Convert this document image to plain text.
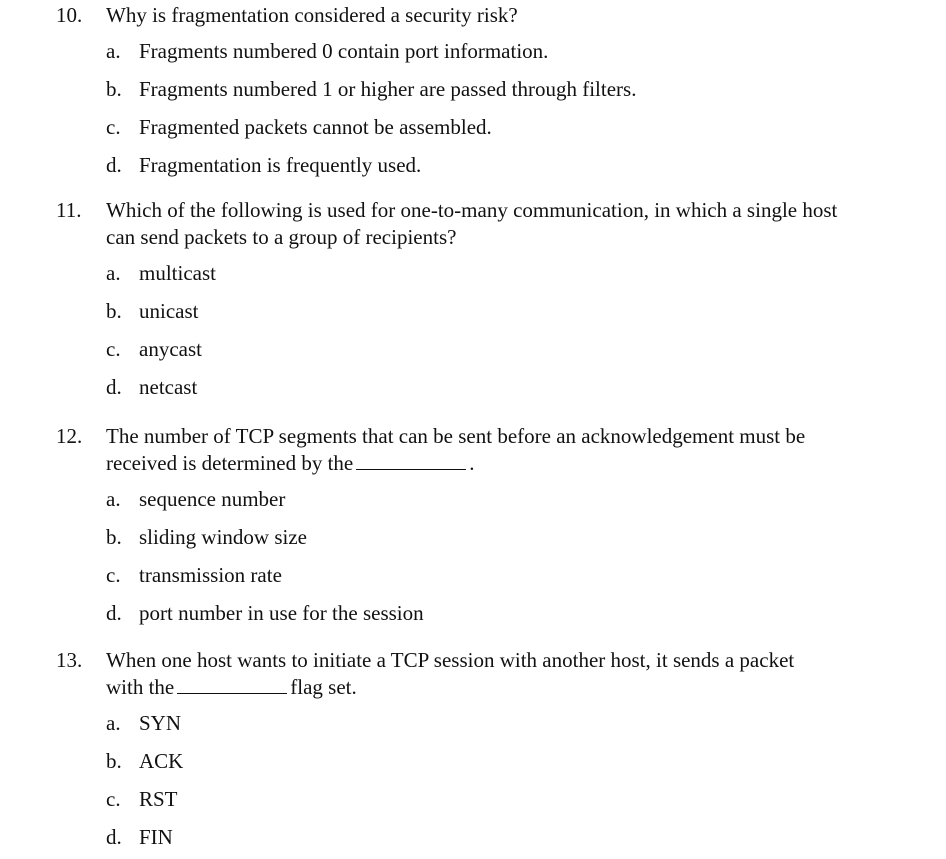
10.	Why is fragmentation considered a security risk?
a. Fragments numbered 0 contain port information.
b. Fragments numbered 1 or higher are passed through filters.
c. Fragmented packets cannot be assembled.
d. Fragmentation is frequently used.
11.	Which of the following is used for one-to-many communication, in which a single host
can send packets to a group of recipients?
a. multicast
b. unicast
c. anycast
d. netcast
12.	The number of TCP segments that can be sent before an acknowledgement must be
received is determined by the	.
a. sequence number
b. sliding window size
c. transmission rate
d. port number in use for the session
13.	When one host wants to initiate a TCP session with another host, it sends a packet
with the	flag set.
a. SYN
b. ACK
c. RST
d. FIN
